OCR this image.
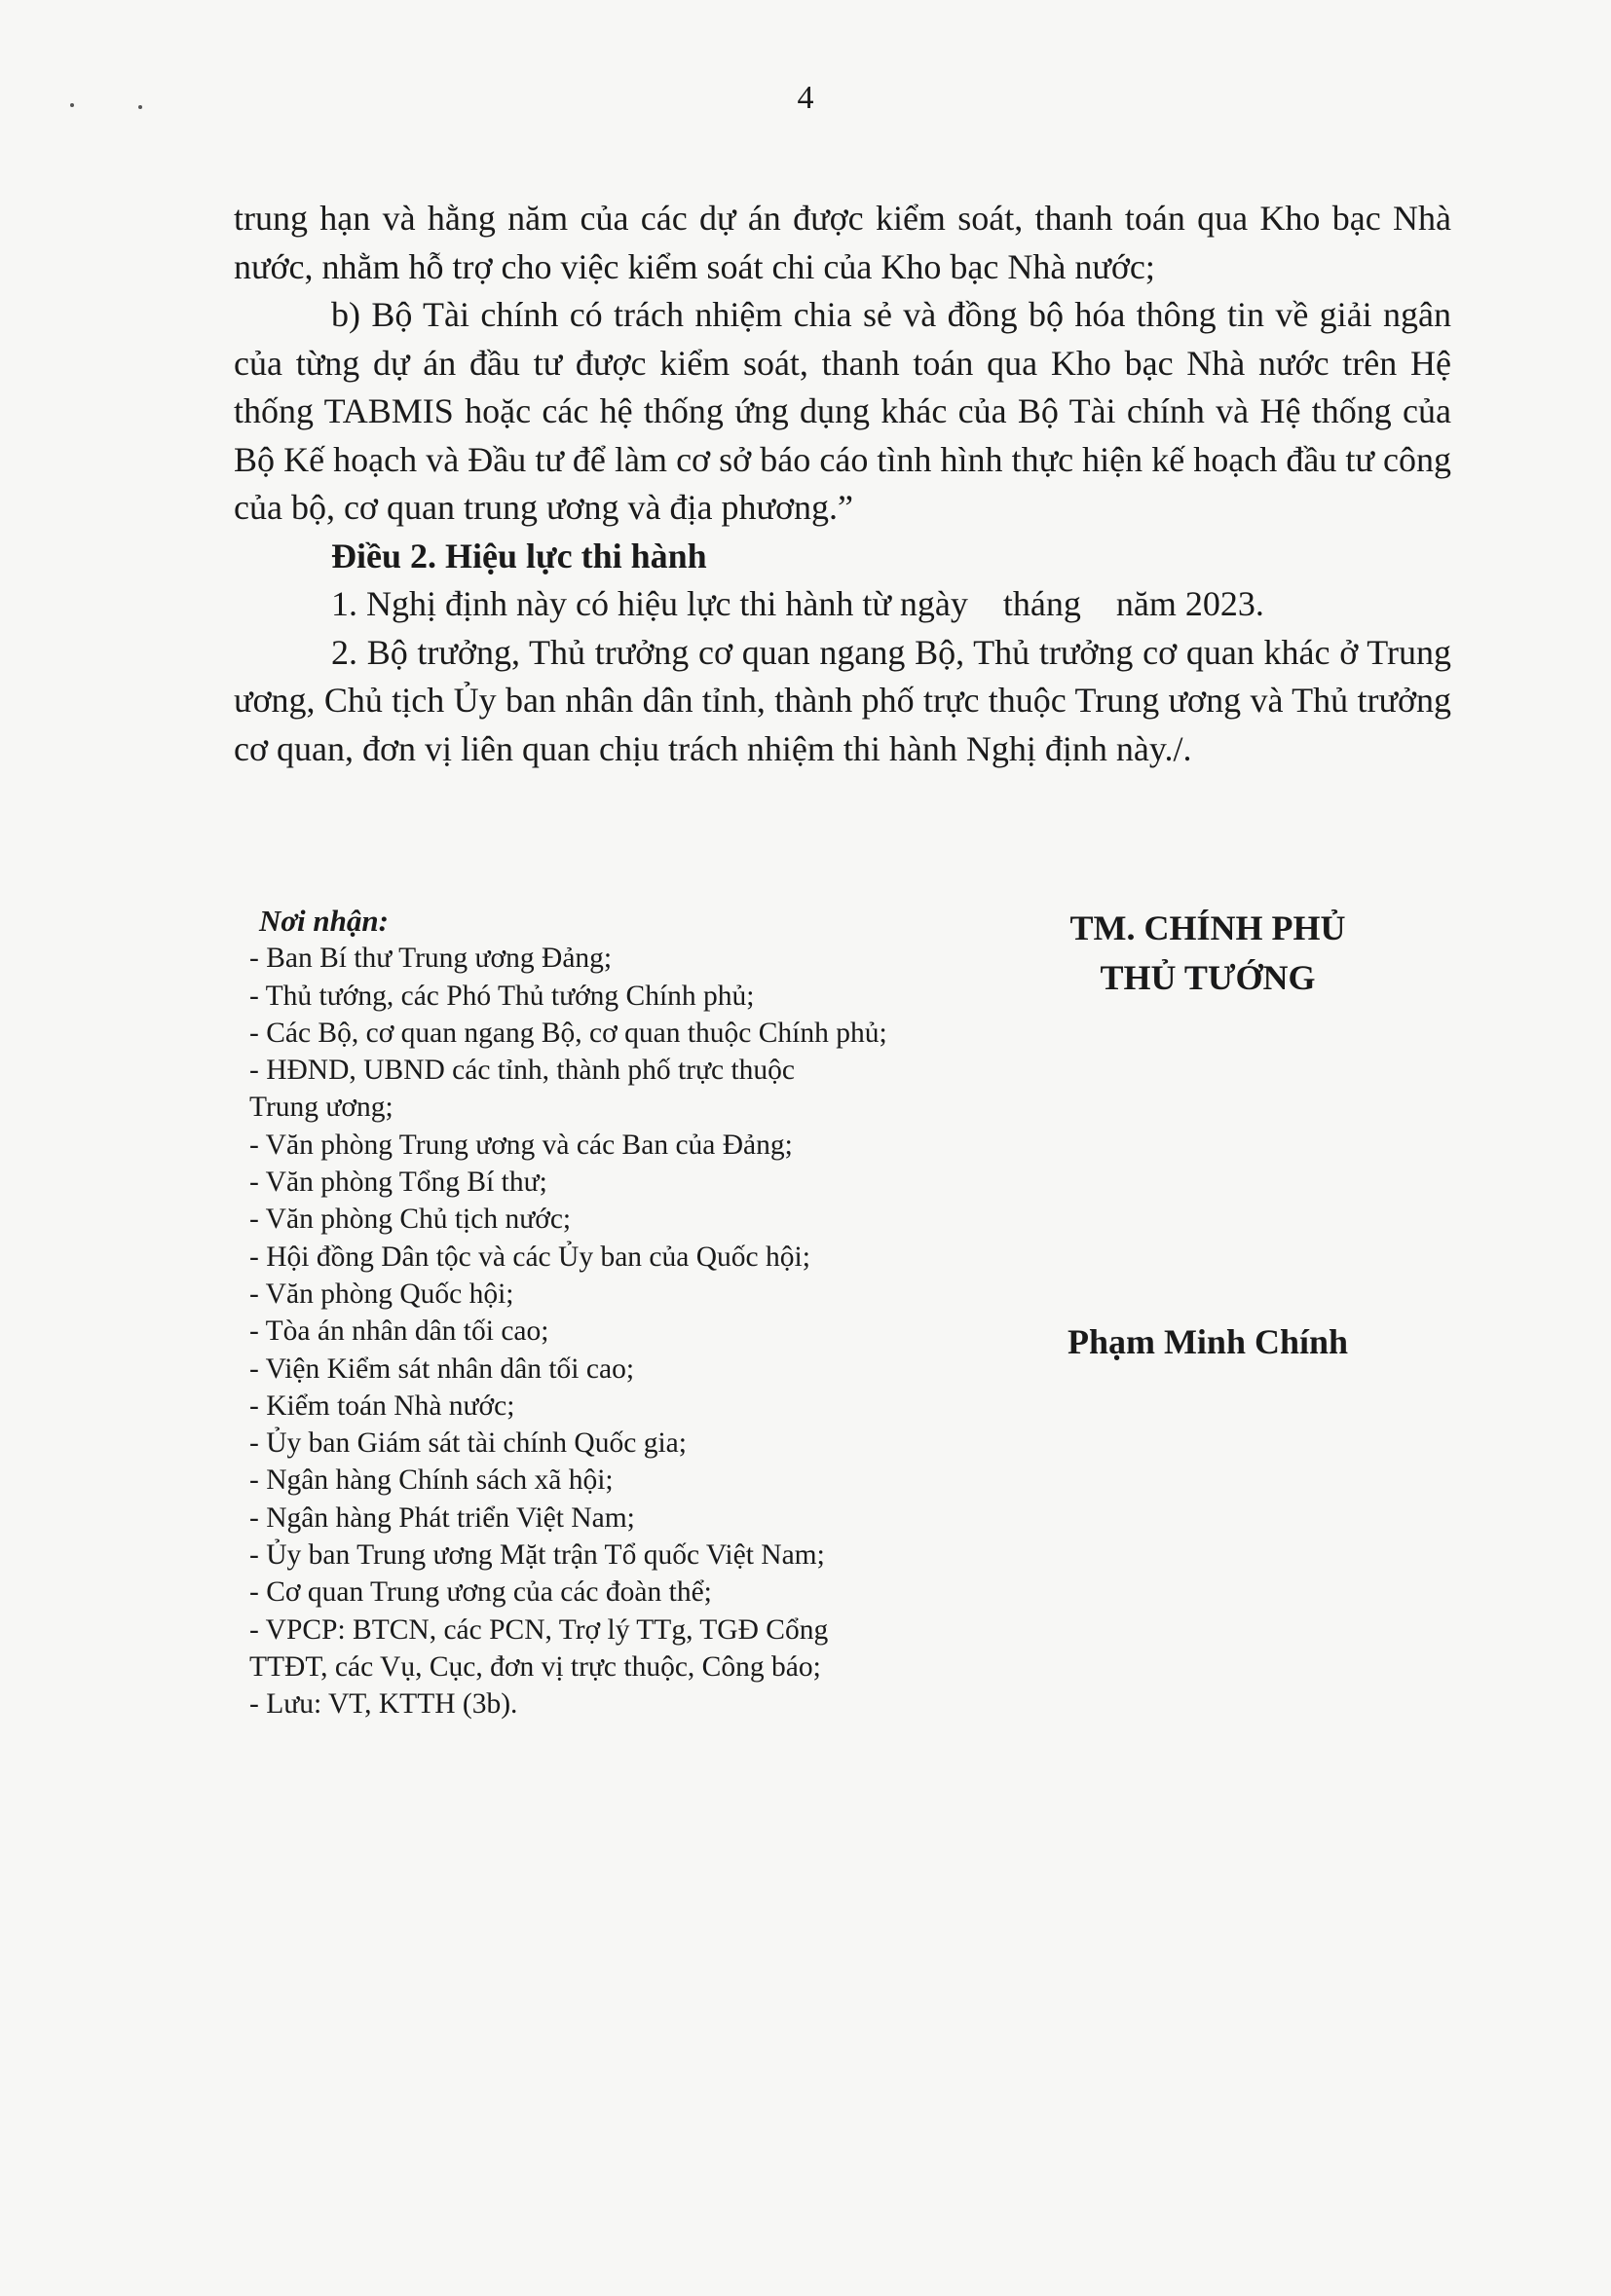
4

trung hạn và hằng năm của các dự án được kiểm soát, thanh toán qua Kho bạc Nhà nước, nhằm hỗ trợ cho việc kiểm soát chi của Kho bạc Nhà nước;

b) Bộ Tài chính có trách nhiệm chia sẻ và đồng bộ hóa thông tin về giải ngân của từng dự án đầu tư được kiểm soát, thanh toán qua Kho bạc Nhà nước trên Hệ thống TABMIS hoặc các hệ thống ứng dụng khác của Bộ Tài chính và Hệ thống của Bộ Kế hoạch và Đầu tư để làm cơ sở báo cáo tình hình thực hiện kế hoạch đầu tư công của bộ, cơ quan trung ương và địa phương.”

Điều 2. Hiệu lực thi hành

1. Nghị định này có hiệu lực thi hành từ ngày    tháng    năm 2023.

2. Bộ trưởng, Thủ trưởng cơ quan ngang Bộ, Thủ trưởng cơ quan khác ở Trung ương, Chủ tịch Ủy ban nhân dân tỉnh, thành phố trực thuộc Trung ương và Thủ trưởng cơ quan, đơn vị liên quan chịu trách nhiệm thi hành Nghị định này./.

Nơi nhận:
- Ban Bí thư Trung ương Đảng;
- Thủ tướng, các Phó Thủ tướng Chính phủ;
- Các Bộ, cơ quan ngang Bộ, cơ quan thuộc Chính phủ;
- HĐND, UBND các tỉnh, thành phố trực thuộc
Trung ương;
- Văn phòng Trung ương và các Ban của Đảng;
- Văn phòng Tổng Bí thư;
- Văn phòng Chủ tịch nước;
- Hội đồng Dân tộc và các Ủy ban của Quốc hội;
- Văn phòng Quốc hội;
- Tòa án nhân dân tối cao;
- Viện Kiểm sát nhân dân tối cao;
- Kiểm toán Nhà nước;
- Ủy ban Giám sát tài chính Quốc gia;
- Ngân hàng Chính sách xã hội;
- Ngân hàng Phát triển Việt Nam;
- Ủy ban Trung ương Mặt trận Tổ quốc Việt Nam;
- Cơ quan Trung ương của các đoàn thể;
- VPCP: BTCN, các PCN, Trợ lý TTg, TGĐ Cổng
TTĐT, các Vụ, Cục, đơn vị trực thuộc, Công báo;
- Lưu: VT, KTTH (3b).
TM. CHÍNH PHỦ
THỦ TƯỚNG
Phạm Minh Chính
